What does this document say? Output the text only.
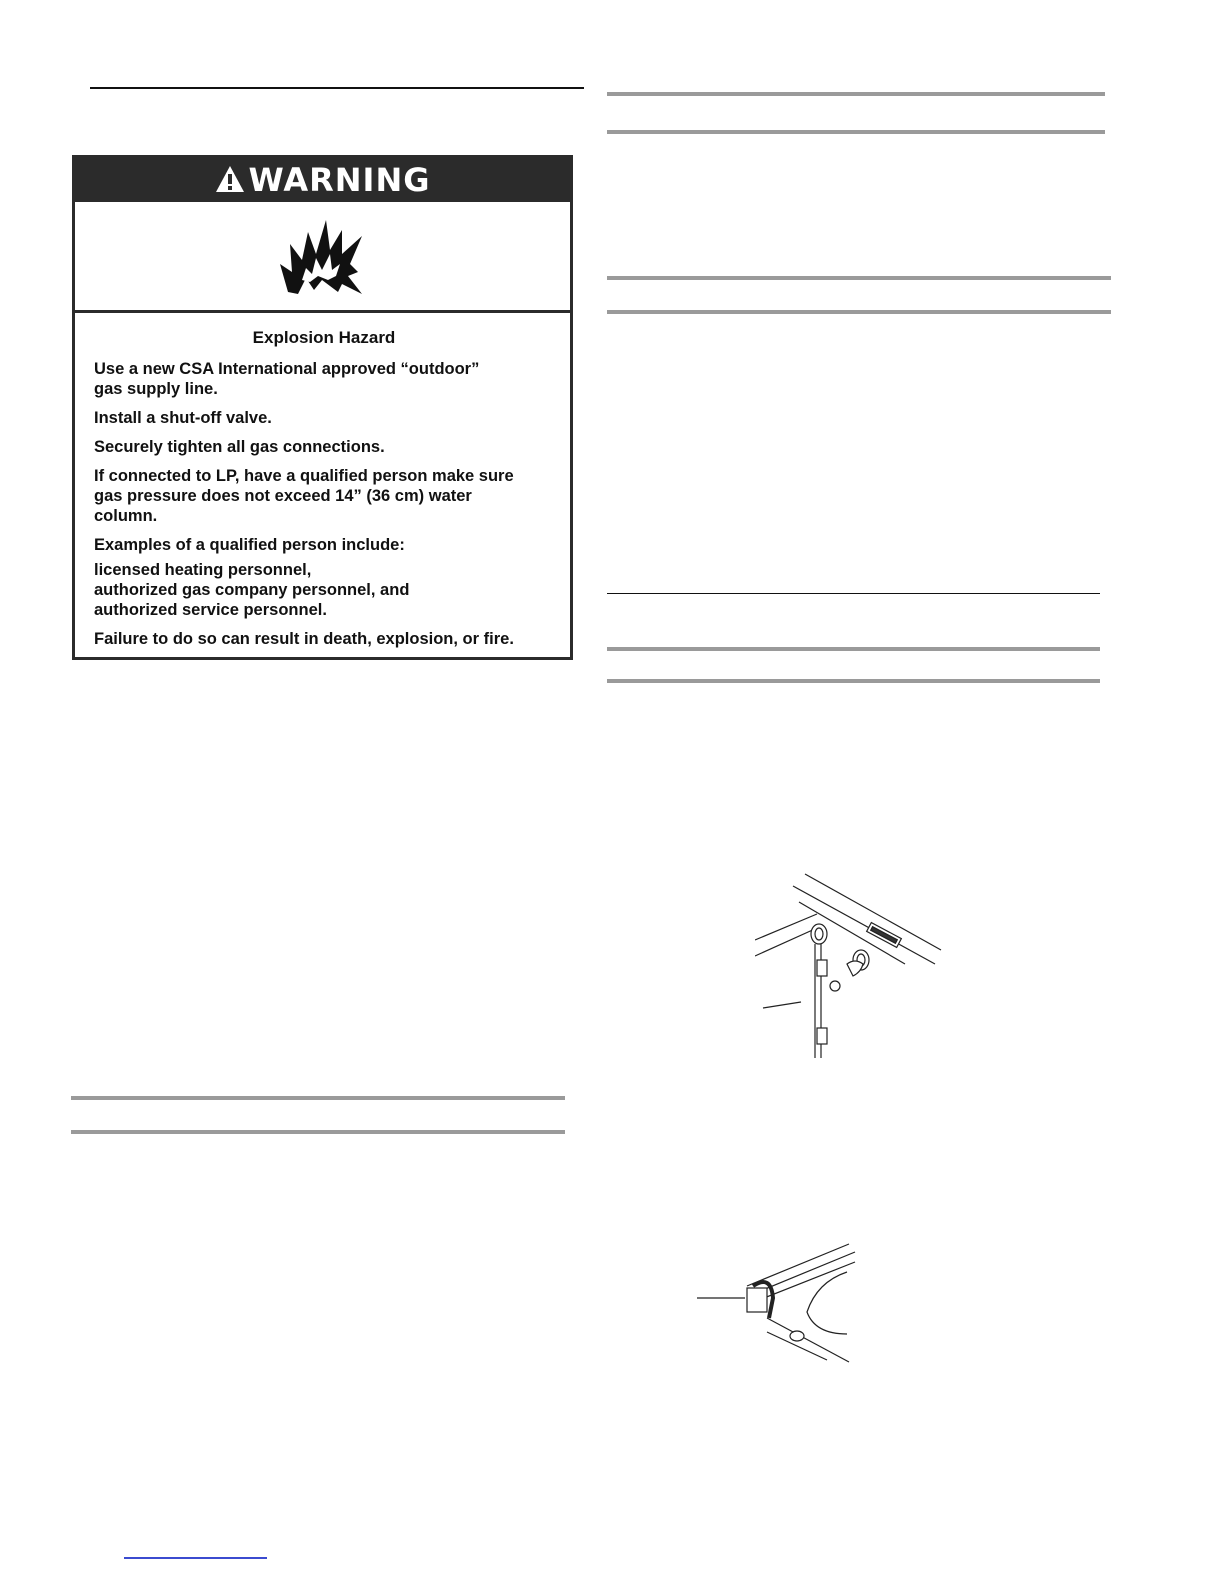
WARNING
Explosion Hazard

Use a new CSA International approved “outdoor”
gas supply line.

Install a shut-off valve.

Securely tighten all gas connections.

If connected to LP, have a qualified person make sure
gas pressure does not exceed 14” (36 cm) water
column.

Examples of a qualified person include:

licensed heating personnel,
authorized gas company personnel, and
authorized service personnel.

Failure to do so can result in death, explosion, or fire.
